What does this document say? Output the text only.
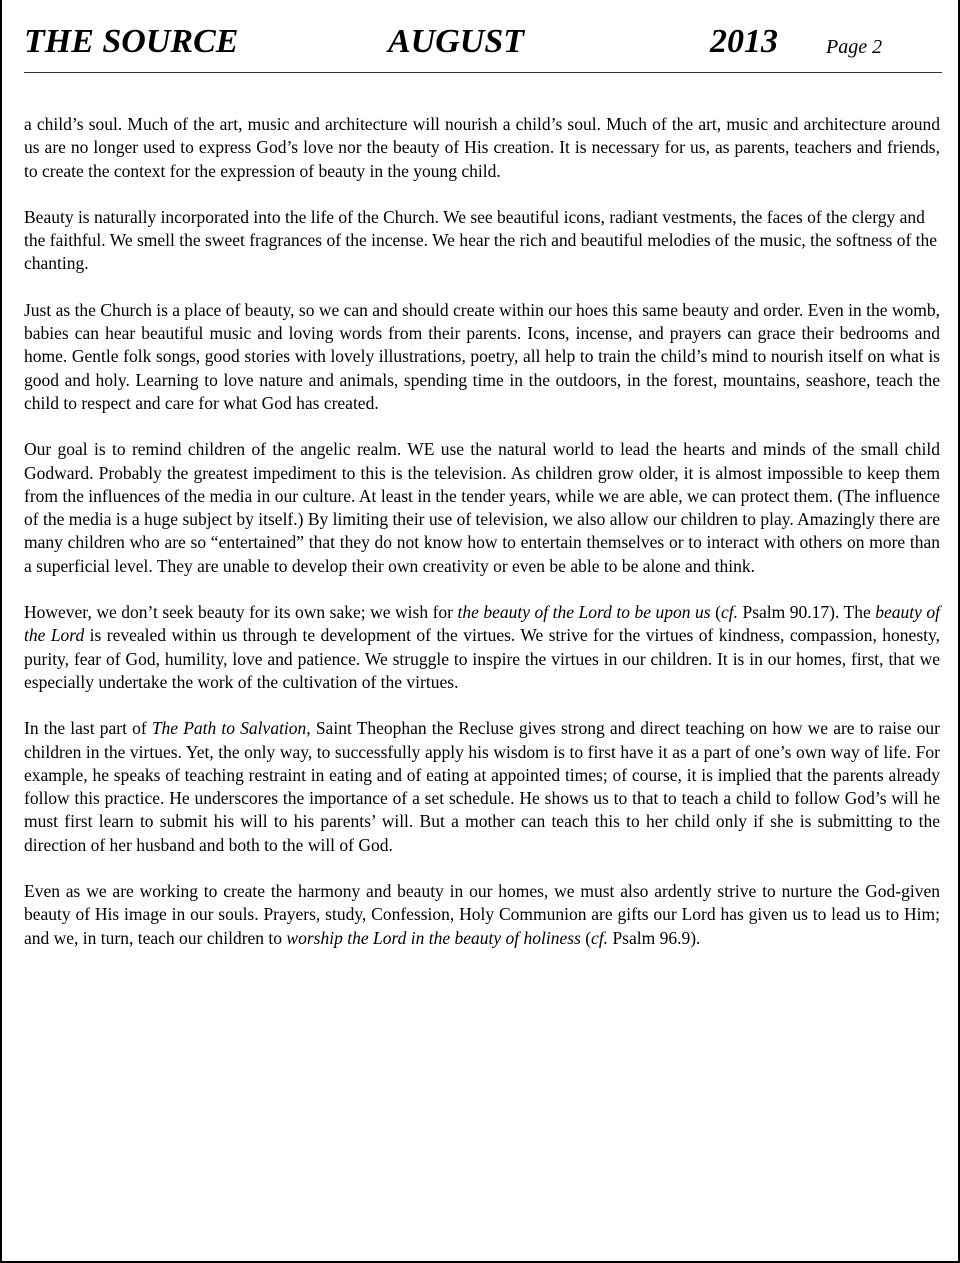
THE SOURCE	AUGUST	2013 Page 2

a child’s soul. Much of the art, music and architecture will nourish a child’s soul. Much of the art, music and architecture around us are no longer used to express God’s love nor the beauty of His creation. It is necessary for us, as parents, teachers and friends, to create the context for the expression of beauty in the young child.

Beauty is naturally incorporated into the life of the Church. We see beautiful icons, radiant vestments, the faces of the clergy and the faithful. We smell the sweet fragrances of the incense. We hear the rich and beautiful melodies of the music, the softness of the chanting.

Just as the Church is a place of beauty, so we can and should create within our hoes this same beauty and order. Even in the womb, babies can hear beautiful music and loving words from their parents. Icons, incense, and prayers can grace their bedrooms and home. Gentle folk songs, good stories with lovely illustrations, poetry, all help to train the child’s mind to nourish itself on what is good and holy. Learning to love nature and animals, spending time in the outdoors, in the forest, mountains, seashore, teach the child to respect and care for what God has created.

Our goal is to remind children of the angelic realm. WE use the natural world to lead the hearts and minds of the small child Godward. Probably the greatest impediment to this is the television. As children grow older, it is almost impossible to keep them from the influences of the media in our culture. At least in the tender years, while we are able, we can protect them. (The influence of the media is a huge subject by itself.) By limiting their use of television, we also allow our children to play. Amazingly there are many children who are so “entertained” that they do not know how to entertain themselves or to interact with others on more than a superficial level. They are unable to develop their own creativity or even be able to be alone and think.

However, we don’t seek beauty for its own sake; we wish for the beauty of the Lord to be upon us (cf. Psalm 90.17). The beauty of the Lord is revealed within us through te development of the virtues. We strive for the virtues of kindness, compassion, honesty, purity, fear of God, humility, love and patience. We struggle to inspire the virtues in our children. It is in our homes, first, that we especially undertake the work of the cultivation of the virtues.

In the last part of The Path to Salvation, Saint Theophan the Recluse gives strong and direct teaching on how we are to raise our children in the virtues. Yet, the only way, to successfully apply his wisdom is to first have it as a part of one’s own way of life. For example, he speaks of teaching restraint in eating and of eating at appointed times; of course, it is implied that the parents already follow this practice. He underscores the importance of a set schedule. He shows us to that to teach a child to follow God’s will he must first learn to submit his will to his parents’ will. But a mother can teach this to her child only if she is submitting to the direction of her husband and both to the will of God.

Even as we are working to create the harmony and beauty in our homes, we must also ardently strive to nurture the God-given beauty of His image in our souls. Prayers, study, Confession, Holy Communion are gifts our Lord has given us to lead us to Him; and we, in turn, teach our children to worship the Lord in the beauty of holiness (cf. Psalm 96.9).
